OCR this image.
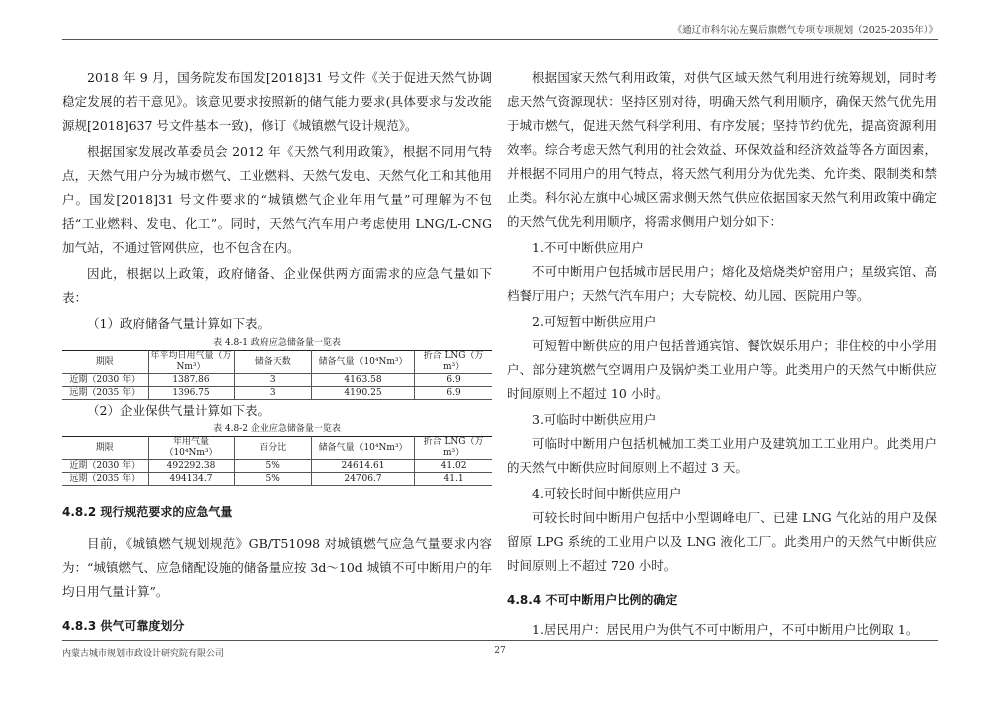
《通辽市科尔沁左翼后旗燃气专项专项规划（2025-2035年）》

2018 年 9 月，国务院发布国发[2018]31 号文件《关于促进天然气协调稳定发展的若干意见》。该意见要求按照新的储气能力要求(具体要求与发改能源规[2018]637 号文件基本一致)，修订《城镇燃气设计规范》。

根据国家发展改革委员会 2012 年《天然气利用政策》，根据不同用气特点，天然气用户分为城市燃气、工业燃料、天然气发电、天然气化工和其他用户。国发[2018]31 号文件要求的“城镇燃气企业年用气量”可理解为不包括“工业燃料、发电、化工”。同时，天然气汽车用户考虑使用 LNG/L-CNG 加气站，不通过管网供应，也不包含在内。

因此，根据以上政策，政府储备、企业保供两方面需求的应急气量如下表：

（1）政府储备气量计算如下表。

表 4.8-1 政府应急储备量一览表

期限	年平均日用气量（万 Nm³）	储备天数	储备气量（10⁴Nm³）	折合 LNG（万 m³）
近期（2030 年）	1387.86	3	4163.58	6.9
远期（2035 年）	1396.75	3	4190.25	6.9

（2）企业保供气量计算如下表。

表 4.8-2 企业应急储备量一览表

期限	年用气量（10⁴Nm³）	百分比	储备气量（10⁴Nm³）	折合 LNG（万 m³）
近期（2030 年）	492292.38	5%	24614.61	41.02
远期（2035 年）	494134.7	5%	24706.7	41.1
4.8.2 现行规范要求的应急气量

目前，《城镇燃气规划规范》GB/T51098 对城镇燃气应急气量要求内容为：“城镇燃气、应急储配设施的储备量应按 3d～10d 城镇不可中断用户的年均日用气量计算”。

4.8.3 供气可靠度划分

根据国家天然气利用政策，对供气区域天然气利用进行统筹规划，同时考虑天然气资源现状：坚持区别对待，明确天然气利用顺序，确保天然气优先用于城市燃气，促进天然气科学利用、有序发展；坚持节约优先，提高资源利用效率。综合考虑天然气利用的社会效益、环保效益和经济效益等各方面因素，并根据不同用户的用气特点，将天然气利用分为优先类、允许类、限制类和禁止类。科尔沁左旗中心城区需求侧天然气供应依据国家天然气利用政策中确定的天然气优先利用顺序，将需求侧用户划分如下：

1.不可中断供应用户

不可中断用户包括城市居民用户；熔化及焙烧类炉窑用户；星级宾馆、高档餐厅用户；天然气汽车用户；大专院校、幼儿园、医院用户等。

2.可短暂中断供应用户

可短暂中断供应的用户包括普通宾馆、餐饮娱乐用户；非住校的中小学用户、部分建筑燃气空调用户及锅炉类工业用户等。此类用户的天然气中断供应时间原则上不超过 10 小时。

3.可临时中断供应用户

可临时中断用户包括机械加工类工业用户及建筑加工工业用户。此类用户的天然气中断供应时间原则上不超过 3 天。

4.可较长时间中断供应用户

可较长时间中断用户包括中小型调峰电厂、已建 LNG 气化站的用户及保留原 LPG 系统的工业用户以及 LNG 液化工厂。此类用户的天然气中断供应时间原则上不超过 720 小时。

4.8.4 不可中断用户比例的确定

1.居民用户：居民用户为供气不可中断用户，不可中断用户比例取 1。

内蒙古城市规划市政设计研究院有限公司	27
